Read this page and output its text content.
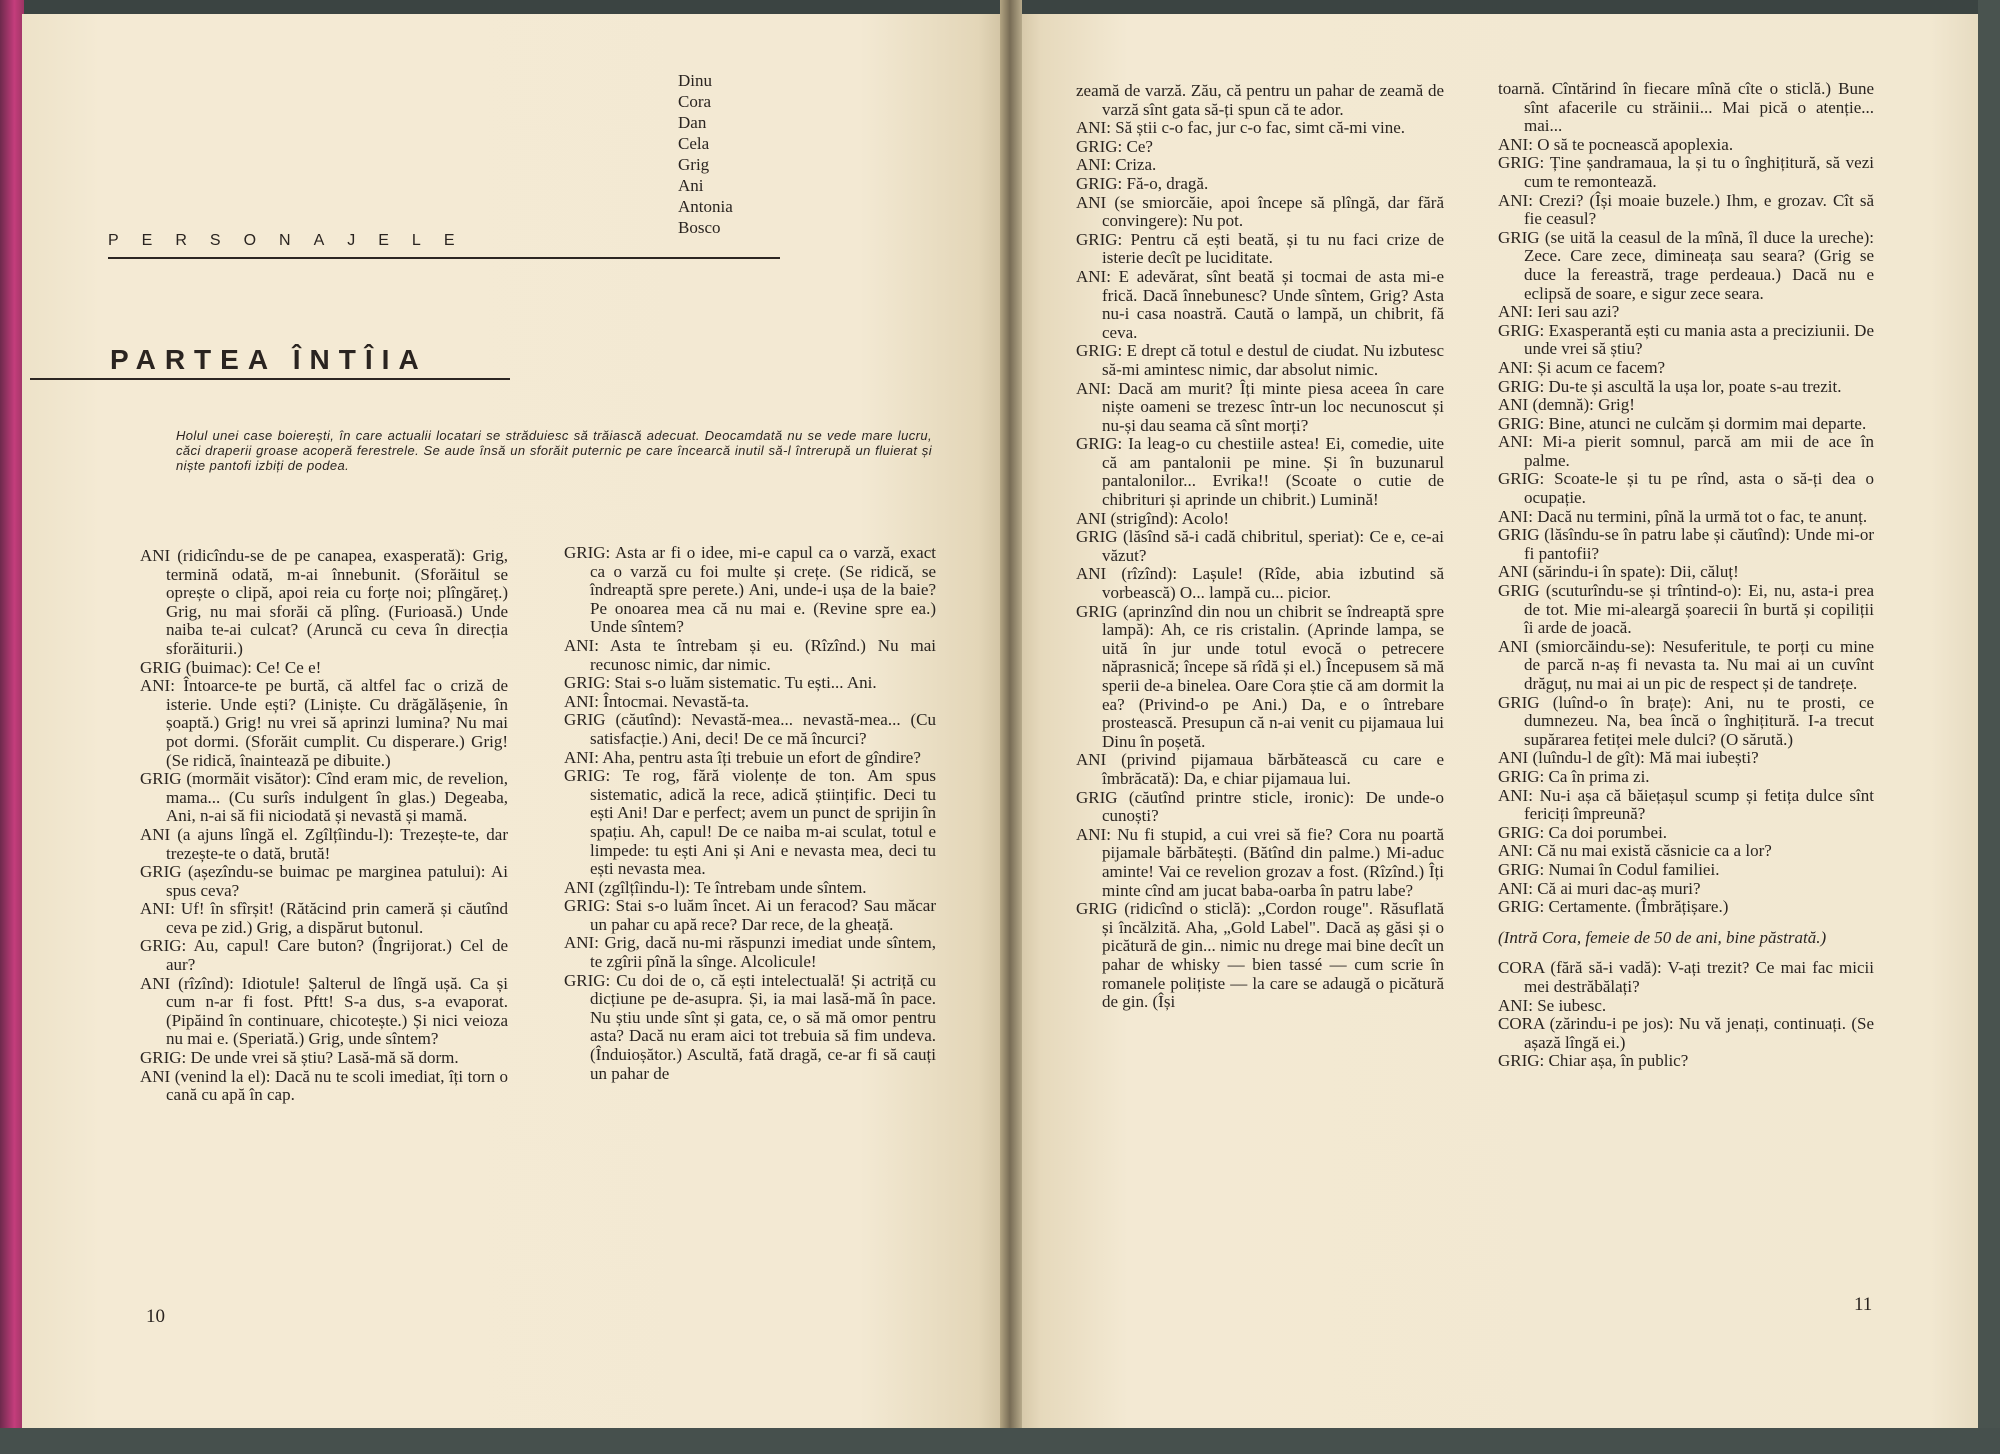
Dinu
Cora
Dan
Cela
Grig
Ani
Antonia
Bosco
PERSONAJELE
PARTEA ÎNTÎIA
Holul unei case boierești, în care actualii locatari se străduiesc să trăiască adecuat. Deocamdată nu se vede mare lucru, căci draperii groase acoperă ferestrele. Se aude însă un sforăit puternic pe care încearcă inutil să-l întrerupă un fluierat și niște pantofi izbiți de podea.

ANI (ridicîndu-se de pe canapea, exasperată): Grig, termină odată, m-ai înnebunit. (Sforăitul se oprește o clipă, apoi reia cu forțe noi; plîngăreț.) Grig, nu mai sforăi că plîng. (Furioasă.) Unde naiba te-ai culcat? (Aruncă cu ceva în direcția sforăiturii.)

GRIG (buimac): Ce! Ce e!

ANI: Întoarce-te pe burtă, că altfel fac o criză de isterie. Unde ești? (Liniște. Cu drăgălășenie, în șoaptă.) Grig! nu vrei să aprinzi lumina? Nu mai pot dormi. (Sforăit cumplit. Cu disperare.) Grig! (Se ridică, înaintează pe dibuite.)

GRIG (mormăit visător): Cînd eram mic, de revelion, mama... (Cu surîs indulgent în glas.) Degeaba, Ani, n-ai să fii niciodată și nevastă și mamă.

ANI (a ajuns lîngă el. Zgîlțîindu-l): Trezește-te, dar trezește-te o dată, brută!

GRIG (așezîndu-se buimac pe marginea patului): Ai spus ceva?

ANI: Uf! în sfîrșit! (Rătăcind prin cameră și căutînd ceva pe zid.) Grig, a dispărut butonul.

GRIG: Au, capul! Care buton? (Îngrijorat.) Cel de aur?

ANI (rîzînd): Idiotule! Șalterul de lîngă ușă. Ca și cum n-ar fi fost. Pftt! S-a dus, s-a evaporat. (Pipăind în continuare, chicotește.) Și nici veioza nu mai e. (Speriată.) Grig, unde sîntem?

GRIG: De unde vrei să știu? Lasă-mă să dorm.

ANI (venind la el): Dacă nu te scoli imediat, îți torn o cană cu apă în cap.

GRIG: Asta ar fi o idee, mi-e capul ca o varză, exact ca o varză cu foi multe și crețe. (Se ridică, se îndreaptă spre perete.) Ani, unde-i ușa de la baie? Pe onoarea mea că nu mai e. (Revine spre ea.) Unde sîntem?

ANI: Asta te întrebam și eu. (Rîzînd.) Nu mai recunosc nimic, dar nimic.

GRIG: Stai s-o luăm sistematic. Tu ești... Ani.

ANI: Întocmai. Nevastă-ta.

GRIG (căutînd): Nevastă-mea... nevastă-mea... (Cu satisfacție.) Ani, deci! De ce mă încurci?

ANI: Aha, pentru asta îți trebuie un efort de gîndire?

GRIG: Te rog, fără violențe de ton. Am spus sistematic, adică la rece, adică științific. Deci tu ești Ani! Dar e perfect; avem un punct de sprijin în spațiu. Ah, capul! De ce naiba m-ai sculat, totul e limpede: tu ești Ani și Ani e nevasta mea, deci tu ești nevasta mea.

ANI (zgîlțîindu-l): Te întrebam unde sîntem.

GRIG: Stai s-o luăm încet. Ai un feracod? Sau măcar un pahar cu apă rece? Dar rece, de la gheață.

ANI: Grig, dacă nu-mi răspunzi imediat unde sîntem, te zgîrii pînă la sînge. Alcolicule!

GRIG: Cu doi de o, că ești intelectuală! Și actriță cu dicțiune pe de-asupra. Și, ia mai lasă-mă în pace. Nu știu unde sînt și gata, ce, o să mă omor pentru asta? Dacă nu eram aici tot trebuia să fim undeva. (Înduioșător.) Ascultă, fată dragă, ce-ar fi să cauți un pahar de

10

zeamă de varză. Zău, că pentru un pahar de zeamă de varză sînt gata să-ți spun că te ador.

ANI: Să știi c-o fac, jur c-o fac, simt că-mi vine.

GRIG: Ce?

ANI: Criza.

GRIG: Fă-o, dragă.

ANI (se smiorcăie, apoi începe să plîngă, dar fără convingere): Nu pot.

GRIG: Pentru că ești beată, și tu nu faci crize de isterie decît pe luciditate.

ANI: E adevărat, sînt beată și tocmai de asta mi-e frică. Dacă înnebunesc? Unde sîntem, Grig? Asta nu-i casa noastră. Caută o lampă, un chibrit, fă ceva.

GRIG: E drept că totul e destul de ciudat. Nu izbutesc să-mi amintesc nimic, dar absolut nimic.

ANI: Dacă am murit? Îți minte piesa aceea în care niște oameni se trezesc într-un loc necunoscut și nu-și dau seama că sînt morți?

GRIG: Ia leag-o cu chestiile astea! Ei, comedie, uite că am pantalonii pe mine. Și în buzunarul pantalonilor... Evrika!! (Scoate o cutie de chibrituri și aprinde un chibrit.) Lumină!

ANI (strigînd): Acolo!

GRIG (lăsînd să-i cadă chibritul, speriat): Ce e, ce-ai văzut?

ANI (rîzînd): Lașule! (Rîde, abia izbutind să vorbească) O... lampă cu... picior.

GRIG (aprinzînd din nou un chibrit se îndreaptă spre lampă): Ah, ce ris cristalin. (Aprinde lampa, se uită în jur unde totul evocă o petrecere năprasnică; începe să rîdă și el.) Începusem să mă sperii de-a binelea. Oare Cora știe că am dormit la ea? (Privind-o pe Ani.) Da, e o întrebare prostească. Presupun că n-ai venit cu pijamaua lui Dinu în poșetă.

ANI (privind pijamaua bărbătească cu care e îmbrăcată): Da, e chiar pijamaua lui.

GRIG (căutînd printre sticle, ironic): De unde-o cunoști?

ANI: Nu fi stupid, a cui vrei să fie? Cora nu poartă pijamale bărbătești. (Bătînd din palme.) Mi-aduc aminte! Vai ce revelion grozav a fost. (Rîzînd.) Îți minte cînd am jucat baba-oarba în patru labe?

GRIG (ridicînd o sticlă): „Cordon rouge". Răsuflată și încălzită. Aha, „Gold Label". Dacă aș găsi și o picătură de gin... nimic nu drege mai bine decît un pahar de whisky — bien tassé — cum scrie în romanele polițiste — la care se adaugă o picătură de gin. (Își

toarnă. Cîntărind în fiecare mînă cîte o sticlă.) Bune sînt afacerile cu străinii... Mai pică o atenție... mai...

ANI: O să te pocnească apoplexia.

GRIG: Ține șandramaua, la și tu o înghițitură, să vezi cum te remontează.

ANI: Crezi? (Își moaie buzele.) Ihm, e grozav. Cît să fie ceasul?

GRIG (se uită la ceasul de la mînă, îl duce la ureche): Zece. Care zece, dimineața sau seara? (Grig se duce la fereastră, trage perdeaua.) Dacă nu e eclipsă de soare, e sigur zece seara.

ANI: Ieri sau azi?

GRIG: Exasperantă ești cu mania asta a preciziunii. De unde vrei să știu?

ANI: Și acum ce facem?

GRIG: Du-te și ascultă la ușa lor, poate s-au trezit.

ANI (demnă): Grig!

GRIG: Bine, atunci ne culcăm și dormim mai departe.

ANI: Mi-a pierit somnul, parcă am mii de ace în palme.

GRIG: Scoate-le și tu pe rînd, asta o să-ți dea o ocupație.

ANI: Dacă nu termini, pînă la urmă tot o fac, te anunț.

GRIG (lăsîndu-se în patru labe și căutînd): Unde mi-or fi pantofii?

ANI (sărindu-i în spate): Dii, căluț!

GRIG (scuturîndu-se și trîntind-o): Ei, nu, asta-i prea de tot. Mie mi-aleargă șoarecii în burtă și copiliții îi arde de joacă.

ANI (smiorcăindu-se): Nesuferitule, te porți cu mine de parcă n-aș fi nevasta ta. Nu mai ai un cuvînt drăguț, nu mai ai un pic de respect și de tandrețe.

GRIG (luînd-o în brațe): Ani, nu te prosti, ce dumnezeu. Na, bea încă o înghițitură. I-a trecut supărarea fetiței mele dulci? (O sărută.)

ANI (luîndu-l de gît): Mă mai iubești?

GRIG: Ca în prima zi.

ANI: Nu-i așa că băiețașul scump și fetița dulce sînt fericiți împreună?

GRIG: Ca doi porumbei.

ANI: Că nu mai există căsnicie ca a lor?

GRIG: Numai în Codul familiei.

ANI: Că ai muri dac-aș muri?

GRIG: Certamente. (Îmbrățișare.)

(Intră Cora, femeie de 50 de ani, bine păstrată.)

CORA (fără să-i vadă): V-ați trezit? Ce mai fac micii mei destrăbălați?

ANI: Se iubesc.

CORA (zărindu-i pe jos): Nu vă jenați, continuați. (Se așază lîngă ei.)

GRIG: Chiar așa, în public?

11
